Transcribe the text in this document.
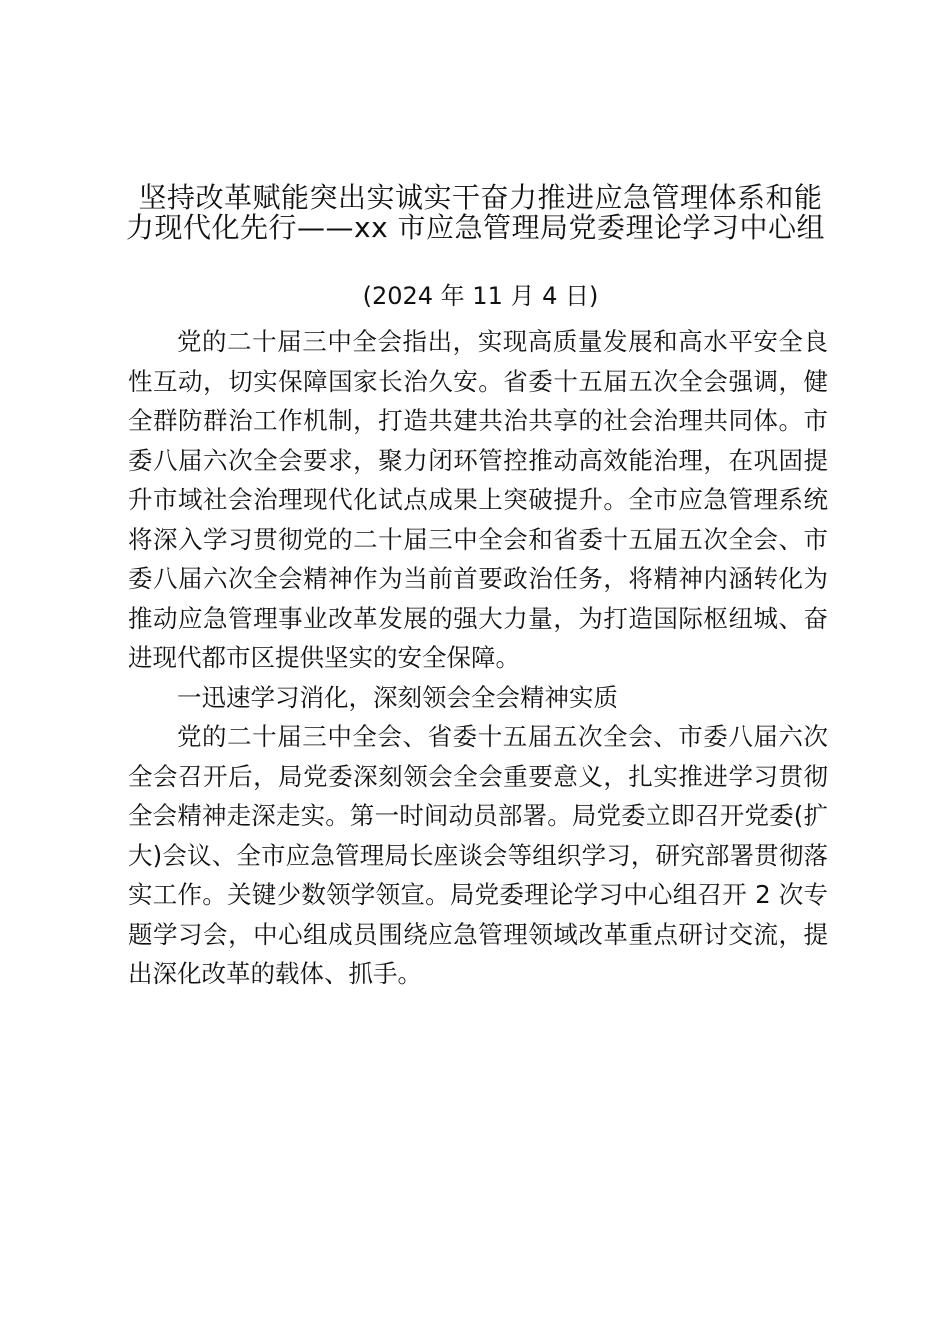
坚持改革赋能突出实诚实干奋力推进应急管理体系和能
力现代化先行——xx 市应急管理局党委理论学习中心组
(2024 年 11 月 4 日)

党的二十届三中全会指出，实现高质量发展和高水平安全良性互动，切实保障国家长治久安。省委十五届五次全会强调，健全群防群治工作机制，打造共建共治共享的社会治理共同体。市委八届六次全会要求，聚力闭环管控推动高效能治理，在巩固提升市域社会治理现代化试点成果上突破提升。全市应急管理系统将深入学习贯彻党的二十届三中全会和省委十五届五次全会、市委八届六次全会精神作为当前首要政治任务，将精神内涵转化为推动应急管理事业改革发展的强大力量，为打造国际枢纽城、奋进现代都市区提供坚实的安全保障。

一迅速学习消化，深刻领会全会精神实质

党的二十届三中全会、省委十五届五次全会、市委八届六次全会召开后，局党委深刻领会全会重要意义，扎实推进学习贯彻全会精神走深走实。第一时间动员部署。局党委立即召开党委(扩大)会议、全市应急管理局长座谈会等组织学习，研究部署贯彻落实工作。关键少数领学领宣。局党委理论学习中心组召开 2 次专题学习会，中心组成员围绕应急管理领域改革重点研讨交流，提出深化改革的载体、抓手。
